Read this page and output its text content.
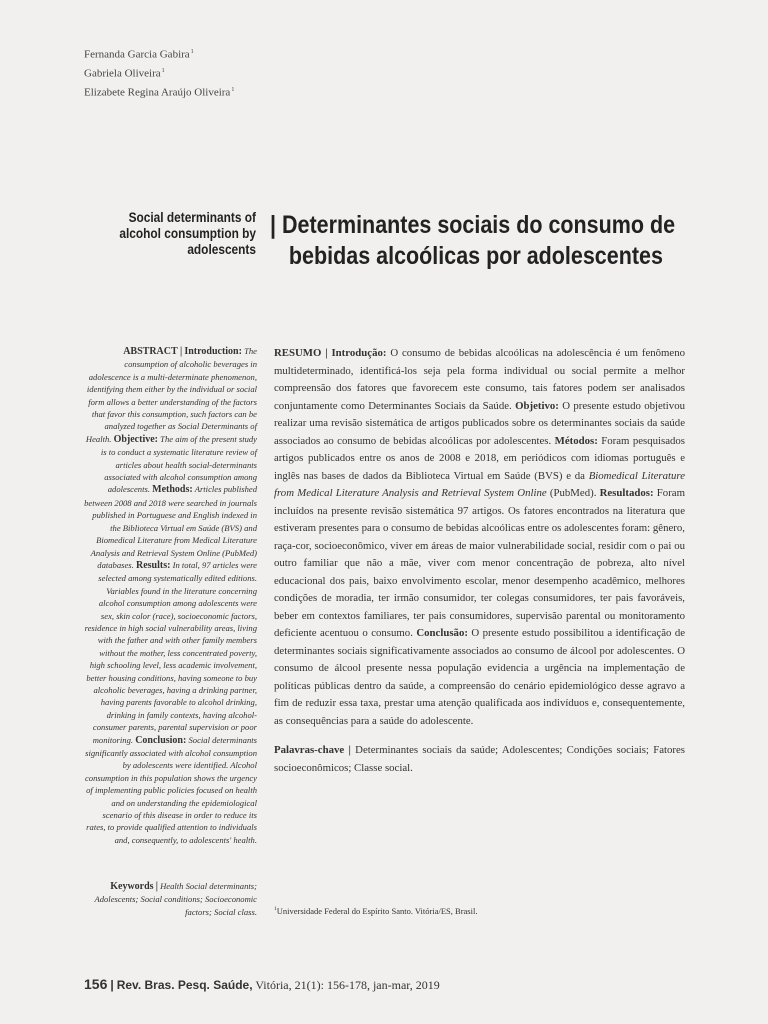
Fernanda Garcia Gabira$^1$
Gabriela Oliveira$^1$
Elizabete Regina Araújo Oliveira$^1$
Social determinants of alcohol consumption by adolescents
| Determinantes sociais do consumo de
bebidas alcoólicas por adolescentes
ABSTRACT | Introduction: The consumption of alcoholic beverages in adolescence is a multi-determinate phenomenon, identifying them either by the individual or social form allows a better understanding of the factors that favor this consumption, such factors can be analyzed together as Social Determinants of Health. Objective: The aim of the present study is to conduct a systematic literature review of articles about health social-determinants associated with alcohol consumption among adolescents. Methods: Articles published between 2008 and 2018 were searched in journals published in Portuguese and English indexed in the Biblioteca Virtual em Saúde (BVS) and Biomedical Literature from Medical Literature Analysis and Retrieval System Online (PubMed) databases. Results: In total, 97 articles were selected among systematically edited editions. Variables found in the literature concerning alcohol consumption among adolescents were sex, skin color (race), socioeconomic factors, residence in high social vulnerability areas, living with the father and with other family members without the mother, less concentrated poverty, high schooling level, less academic involvement, better housing conditions, having someone to buy alcoholic beverages, having a drinking partner, having parents favorable to alcohol drinking, drinking in family contexts, having alcohol-consumer parents, parental supervision or poor monitoring. Conclusion: Social determinants significantly associated with alcohol consumption by adolescents were identified. Alcohol consumption in this population shows the urgency of implementing public policies focused on health and on understanding the epidemiological scenario of this disease in order to reduce its rates, to provide qualified attention to individuals and, consequently, to adolescents' health.
Keywords | Health Social determinants; Adolescents; Social conditions; Socioeconomic factors; Social class.
RESUMO | Introdução: O consumo de bebidas alcoólicas na adolescência é um fenômeno multideterminado, identificá-los seja pela forma individual ou social permite a melhor compreensão dos fatores que favorecem este consumo, tais fatores podem ser analisados conjuntamente como Determinantes Sociais da Saúde. Objetivo: O presente estudo objetivou realizar uma revisão sistemática de artigos publicados sobre os determinantes sociais da saúde associados ao consumo de bebidas alcoólicas por adolescentes. Métodos: Foram pesquisados artigos publicados entre os anos de 2008 e 2018, em periódicos com idiomas português e inglês nas bases de dados da Biblioteca Virtual em Saúde (BVS) e da Biomedical Literature from Medical Literature Analysis and Retrieval System Online (PubMed). Resultados: Foram incluídos na presente revisão sistemática 97 artigos. Os fatores encontrados na literatura que estiveram presentes para o consumo de bebidas alcoólicas entre os adolescentes foram: gênero, raça-cor, socioeconômico, viver em áreas de maior vulnerabilidade social, residir com o pai ou outro familiar que não a mãe, viver com menor concentração de pobreza, alto nível educacional dos pais, baixo envolvimento escolar, menor desempenho acadêmico, melhores condições de moradia, ter irmão consumidor, ter colegas consumidores, ter pais favoráveis, beber em contextos familiares, ter pais consumidores, supervisão parental ou monitoramento deficiente acentuou o consumo. Conclusão: O presente estudo possibilitou a identificação de determinantes sociais significativamente associados ao consumo de álcool por adolescentes. O consumo de álcool presente nessa população evidencia a urgência na implementação de políticas públicas dentro da saúde, a compreensão do cenário epidemiológico desse agravo a fim de reduzir essa taxa, prestar uma atenção qualificada aos indivíduos e, consequentemente, as consequências para a saúde do adolescente.
Palavras-chave | Determinantes sociais da saúde; Adolescentes; Condições sociais; Fatores socioeconômicos; Classe social.
$^1$Universidade Federal do Espírito Santo. Vitória/ES, Brasil.
156 | Rev. Bras. Pesq. Saúde, Vitória, 21(1): 156-178, jan-mar, 2019
